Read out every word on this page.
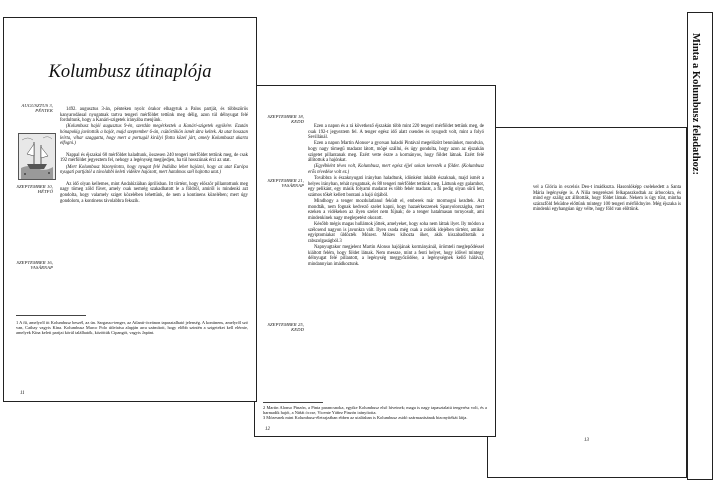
Minta a Kolumbusz feladathoz:

vel a Glória in excelsis Deo-t imádkozta. Hasonlóképp cselekedett a Santa Mária legénysége is. A Niña tengerészei felkapaszkodtak az árbocokra, és mind egy szálig azt állították, hogy földet látnak. Nekem is úgy tűnt, mintha szárazföld feküdne előttünk mintegy 100 tengeri mérföldnyire. Még éjszaka is mindenki egyhangúan úgy vélte, hogy föld van előttünk.

13
SZEPTEMBER 18,
KEDD
SZEPTEMBER 21,
VASÁRNAP
SZEPTEMBER 25,
KEDD

Ezen a napon és a rá következő éjszakán több mint 220 tengeri mérföldet tettünk meg, de csak 192-t jegyeztem fel. A tenger egész idő alatt csendes és nyugodt volt, mint a folyó Sevillánál.

Ezen a napon Martin Alonso² a gyorsan haladó Pintával megelőzött bennünket, mondván, hogy nagy tömegű madarat látott, mögé szállni, és úgy gondolta, hogy azon az éjszakán szigetet pillantanak meg. Ezért vette észre a kormányos, hogy földet látnak. Ezért felé állítottuk a hajónkat.

(Egyébként téves volt, Kolumbusz, mert egész éjjel sokan keresték a földet. (Kolumbusz erős tévedése volt ez.)

Továbbra is északnyugati irányban haladtunk, idönként inkább északnak, majd ismét a helyes irányban, tehát nyugatnak, és 88 tengeri mérföldet tettünk meg. Láttunk egy galambot, egy pelikánt, egy másik folyami madarat és több fehér madarat, a fű pedig olyan sűrű lett, számos tőkét kellett bontani a hajó útjából.

Mindhogy a tenger mozdulatlanul feküdt el, emberek már mormogni kezdtek. Azt mondták, nem fognak kedvező szelet kapni, hogy hazaérkezzenek Spanyolországba, mert ezeken a vidékeken az ilyen szelet nem fújnak; de a tenger hatalmasan tornyosult, ami mindenkinek nagy meglepetést okozott.

Később mégis magas hullámok jöttek, amelyeket, hogy soha nem láttak ilyet. Ily módon a szélcsend nagyon is javunkra vált. Ilyen csoda még csak a zsidók idejében történt, amikor egyiptomiakat üldözték Mózest. Mózes kihozta őket, akik kiszabadították a rabszolgaságból.3

Napnyugtakor megjelent Martin Alonso hajójának kormányánál, örömteli meglepődéssel kiáltott felém, hogy földet látnak. Nem messze, mint a fenti helyet, hogy idővel mintegy délnyugat felé pillantott, a legénység meggyőződése, a legénységnek kellő hálával, mindannyian imádkoztunk.

2 Martin Alonso Pinzón, a Pinta parancsnoka, egyike Kolumbusz első híveinek; maga is nagy tapasztalatú tengerész volt, és a harmadik hajót, a Niñát öccse, Vicente Yáñez Pinzón irányította.
3 Mózesnek mint Kolumbusz-életrajzában ebben az utalásban is Kolumbusz zsidó származásának bizonyítékát látja.
12
Kolumbusz útinaplója
AUGUSZTUS 3,
PÉNTEK
SZEPTEMBER 10,
HÉTFŐ
SZEPTEMBER 16,
VASÁRNAP

1492. augusztus 3-án, pénteken nyolc órakor elhagytuk a Palos partját, és többszörös kanyarodással nyugatnak tartva tengeri mérföldet tettünk meg délig, azon túl délnyugat felé fordultunk, hogy a Kanári-szigetek irányába menjünk.

(Kolumbusz hajói augusztus 9-én, szerdán megérkeztek a Kanári-szigetek egyikére. Ezután hónapokig javították a hajót, majd szeptember 6-án, csütörtökön ismét útra keltek. Az utat hosszan leírta, vihar szaggatta, hogy mert a portugál királyi flotta közel járt, amely Kolumbuszt akarta elfogni.)

Nappal és éjszakai 60 mérföldet haladtunk, összesen 240 tengeri mérföldet tettünk meg, de csak 192 mérföldet jegyeztem fel, nehogy a legénység megijedjen, ha túl hosszúnak érzi az utat.

(Mert Kolumbusz bizonyította, hogy nyugat felé Indiába lehet hajózni, hogy az utat Európa nyugati partjától a távolabbi keleti vidékre hajózott, mert hatalmas szél hajtotta utat.)

Az idő olyan kellemes, mint Andalúziában áprilisban. Itt történt, hogy először pillantottunk meg nagy tömeg zöld füvet, amely csak nemrég szakadhatott le a földről, amiről is mindenki azt gondolta, hogy valamely sziget közelében lehettünk, de nem a kontinens közelében; mert úgy gondolom, a kontinens távolabbra fekszik.

1 A fű, amelyről itt Kolumbusz beszél, az ún. Sargasso-tenger, az Atlanti-óceánon tapasztalható jelenség. A kontinens, amelyről szó van, Cathay vagyis Kína. Kolumbusz Marco Polo útleírása alapján arra számított, hogy előbb szintén a szigeteket kell elérnie, amelyek Kína keleti partjai körül találhatók, közöttük Cipangót, vagyis Japánt.
11
